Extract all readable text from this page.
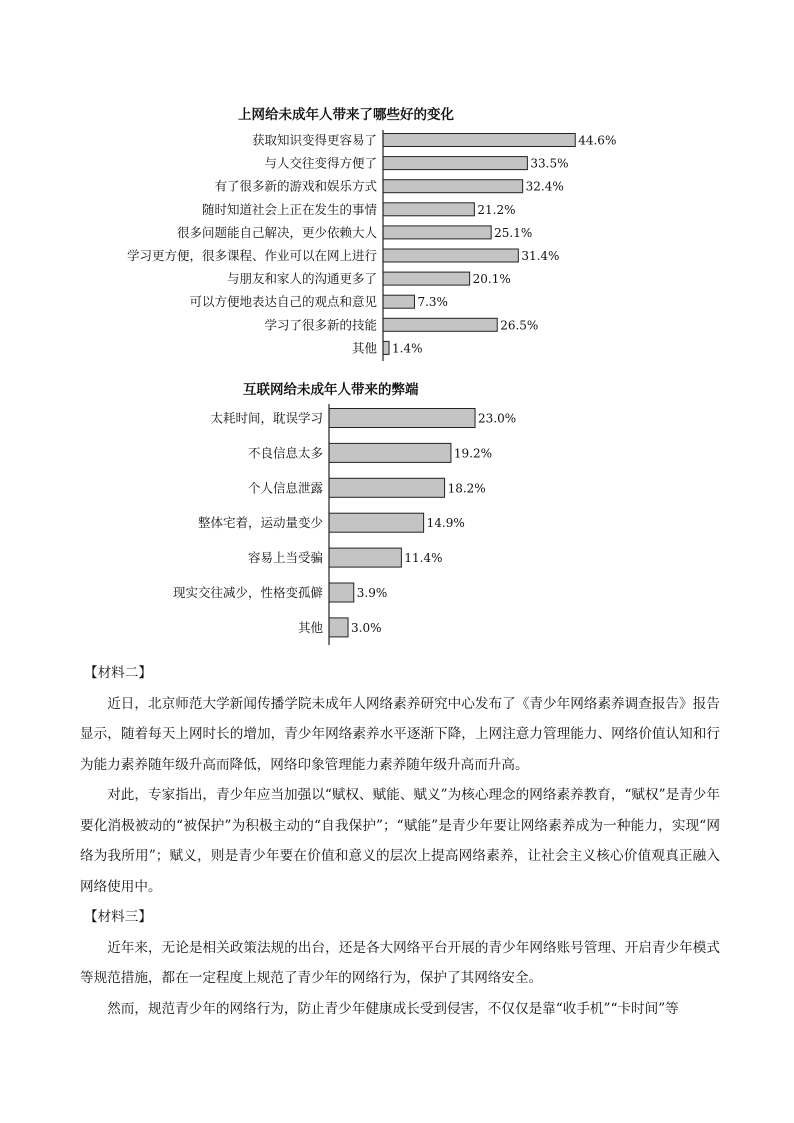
上网给未成年人带来了哪些好的变化
获取知识变得更容易了	44.6%
与人交往变得方便了	33.5%
有了很多新的游戏和娱乐方式	32.4%
随时知道社会上正在发生的事情	21.2%
很多问题能自己解决，更少依赖大人	25.1%
学习更方便，很多课程、作业可以在网上进行	31.4%
与朋友和家人的沟通更多了	20.1%
可以方便地表达自己的观点和意见	7.3%
学习了很多新的技能	26.5%
其他 1.4%
互联网给未成年人带来的弊端
太耗时间，耽误学习	23.0%
不良信息太多	19.2%
个人信息泄露	18.2%
整体宅着，运动量变少	14.9%
容易上当受骗	11.4%
现实交往减少，性格变孤僻	3.9%
其他 3.0%

【材料二】

近日，北京师范大学新闻传播学院未成年人网络素养研究中心发布了《青少年网络素养调查报告》报告显示，随着每天上网时长的增加，青少年网络素养水平逐渐下降，上网注意力管理能力、网络价值认知和行为能力素养随年级升高而降低，网络印象管理能力素养随年级升高而升高。

对此，专家指出，青少年应当加强以“赋权、赋能、赋义”为核心理念的网络素养教育，“赋权”是青少年要化消极被动的“被保护”为积极主动的“自我保护”；“赋能”是青少年要让网络素养成为一种能力，实现“网络为我所用”；赋义，则是青少年要在价值和意义的层次上提高网络素养，让社会主义核心价值观真正融入网络使用中。

【材料三】

近年来，无论是相关政策法规的出台，还是各大网络平台开展的青少年网络账号管理、开启青少年模式等规范措施，都在一定程度上规范了青少年的网络行为，保护了其网络安全。

然而，规范青少年的网络行为，防止青少年健康成长受到侵害，不仅仅是靠“收手机”“卡时间”等
